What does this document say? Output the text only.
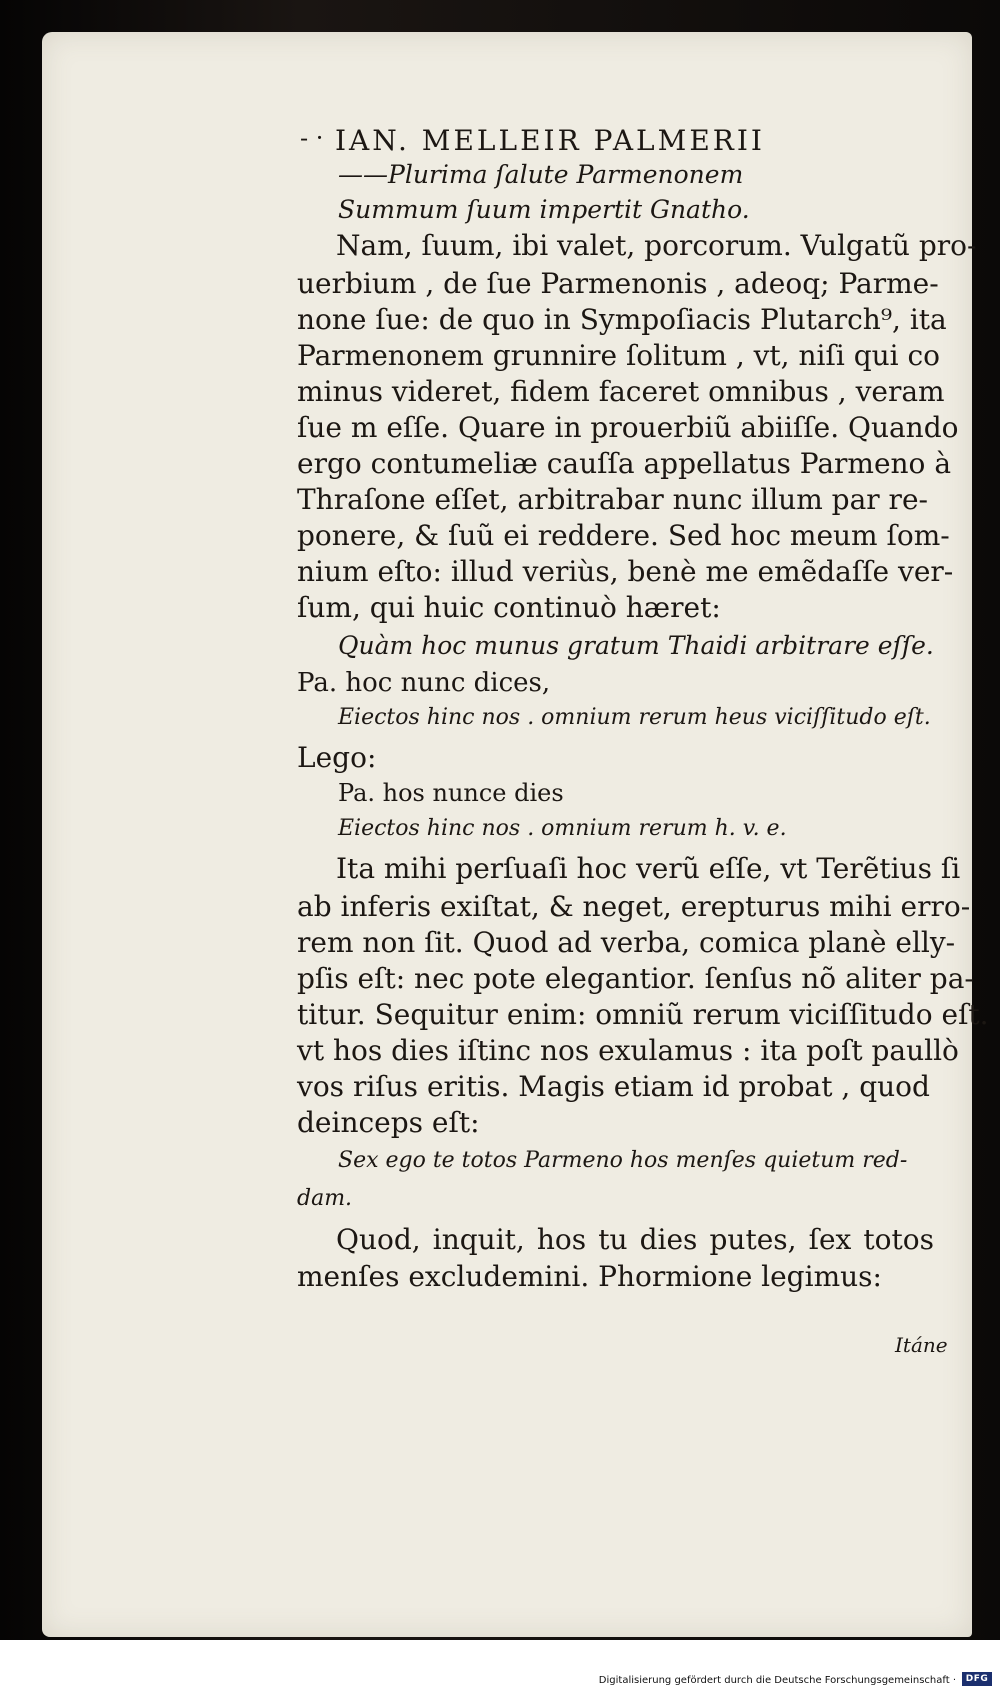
- · IAN. MELLEIR PALMERII

——Plurima ſalute Parmenonem

Summum ſuum impertit Gnatho.

Nam, ſuum, ibi valet, porcorum. Vulgatũ pro-

uerbium , de ſue Parmenonis , adeoq; Parme-

none ſue: de quo in Sympoſiacis Plutarch⁹, ita

Parmenonem grunnire ſolitum , vt, niſi qui co

minus videret, fidem faceret omnibus , veram

ſue m eſſe. Quare in prouerbiũ abiiſſe. Quando

ergo contumeliæ cauſſa appellatus Parmeno à

Thraſone eſſet, arbitrabar nunc illum par re-

ponere, & ſuũ ei reddere. Sed hoc meum ſom-

nium eſto: illud veriùs, benè me emẽdaſſe ver-

ſum, qui huic continuò hæret:

Quàm hoc munus gratum Thaidi arbitrare eſſe.

Pa. hoc nunc dices,

Eiectos hinc nos . omnium rerum heus viciſſitudo eſt.

Lego:

Pa. hos nunce dies

Eiectos hinc nos . omnium rerum h. v. e.

Ita mihi perſuaſi hoc verũ eſſe, vt Terẽtius ſi

ab inferis exiſtat, & neget, erepturus mihi erro-

rem non ſit. Quod ad verba, comica planè elly-

pſis eſt: nec pote elegantior. ſenſus nõ aliter pa-

titur. Sequitur enim: omniũ rerum viciſſitudo eſt.

vt hos dies iſtinc nos exulamus : ita poſt paullò

vos riſus eritis. Magis etiam id probat , quod

deinceps eſt:

Sex ego te totos Parmeno hos menſes quietum red-

dam.

Quod, inquit, hos tu dies putes, ſex totos

menſes excludemini. Phormione legimus:

Itáne
Digitalisierung gefördert durch die Deutsche Forschungsgemeinschaft ·	DFG
